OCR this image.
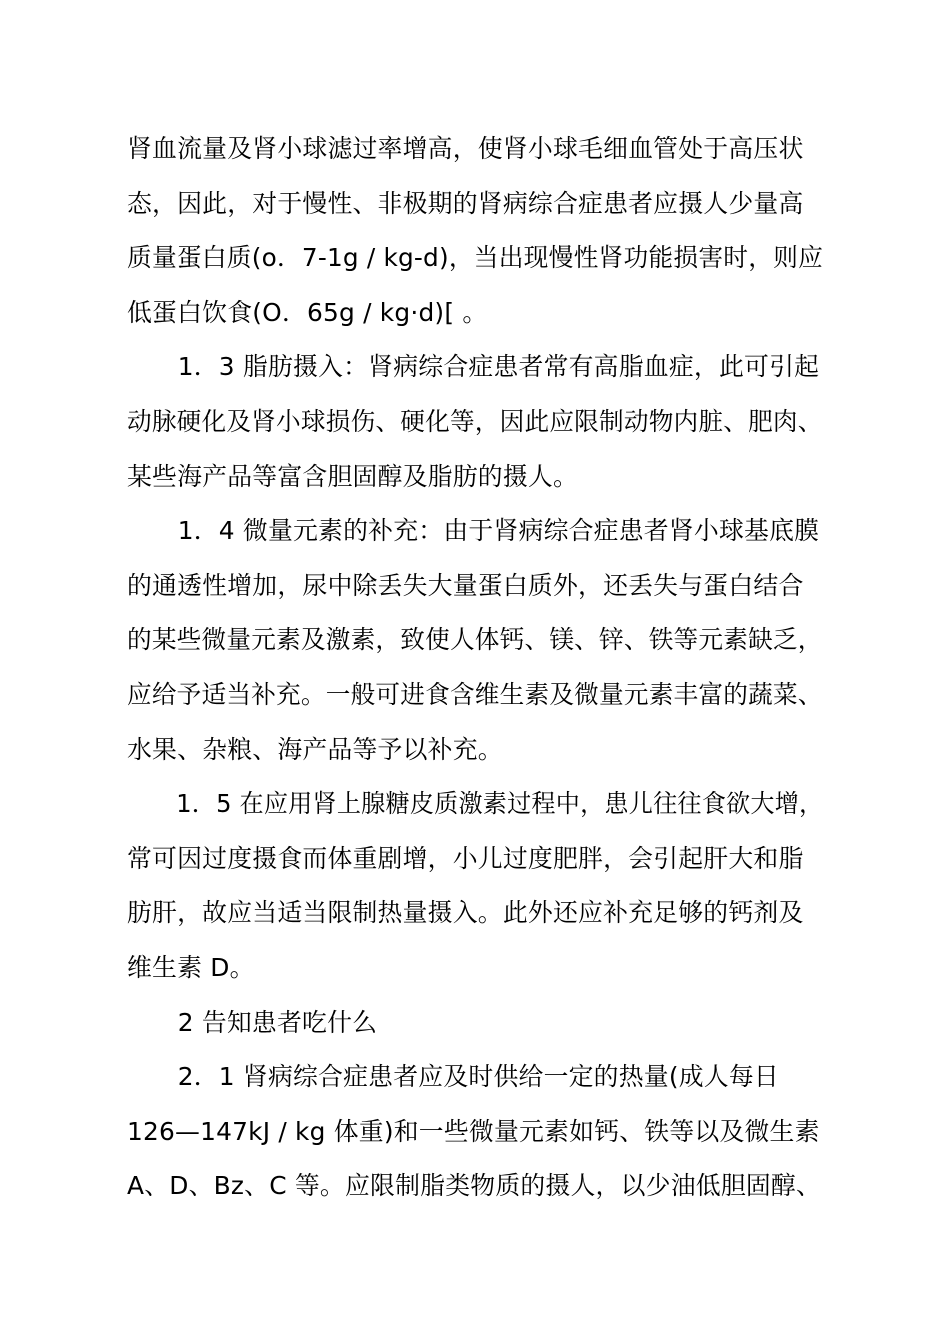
肾血流量及肾小球滤过率增高，使肾小球毛细血管处于高压状
态，因此，对于慢性、非极期的肾病综合症患者应摄人少量高
质量蛋白质(o．7-1g / kg-d)，当出现慢性肾功能损害时，则应
低蛋白饮食(O．65g / kg·d)[ 。
1．3 脂肪摄入：肾病综合症患者常有高脂血症，此可引起
动脉硬化及肾小球损伤、硬化等，因此应限制动物内脏、肥肉、
某些海产品等富含胆固醇及脂肪的摄人。
1．4 微量元素的补充：由于肾病综合症患者肾小球基底膜
的通透性增加，尿中除丢失大量蛋白质外，还丢失与蛋白结合
的某些微量元素及激素，致使人体钙、镁、锌、铁等元素缺乏，
应给予适当补充。一般可进食含维生素及微量元素丰富的蔬菜、
水果、杂粮、海产品等予以补充。
1．5 在应用肾上腺糖皮质激素过程中，患儿往往食欲大增，
常可因过度摄食而体重剧增，小儿过度肥胖，会引起肝大和脂
肪肝，故应当适当限制热量摄入。此外还应补充足够的钙剂及
维生素 D。
2 告知患者吃什么
2．1 肾病综合症患者应及时供给一定的热量(成人每日
126—147kJ / kg 体重)和一些微量元素如钙、铁等以及微生素
A、D、Bz、C 等。应限制脂类物质的摄人，以少油低胆固醇、
